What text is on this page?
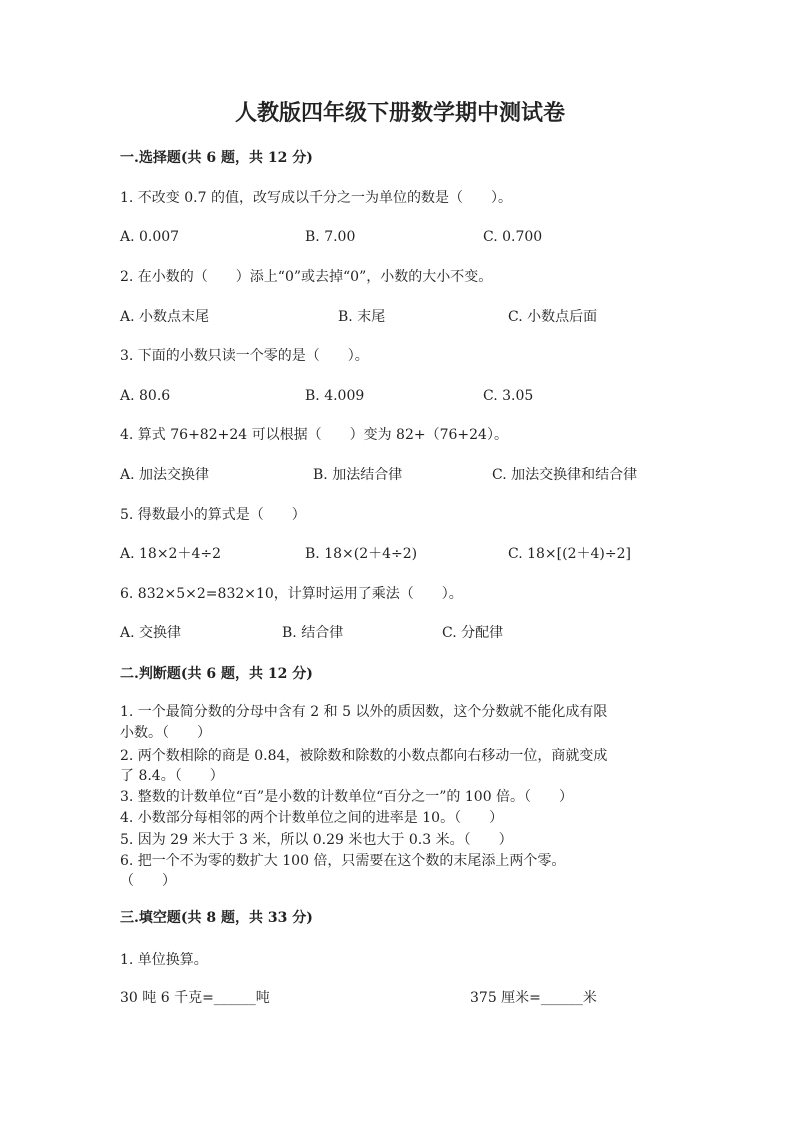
人教版四年级下册数学期中测试卷
一.选择题(共 6 题，共 12 分)
1. 不改变 0.7 的值，改写成以千分之一为单位的数是（　　）。
A. 0.007	B. 7.00	C. 0.700
2. 在小数的（　　）添上“0”或去掉“0”，小数的大小不变。
A. 小数点末尾	B. 末尾	C. 小数点后面
3. 下面的小数只读一个零的是（　　）。
A. 80.6	B. 4.009	C. 3.05
4. 算式 76+82+24 可以根据（　　）变为 82+（76+24）。
A. 加法交换律	B. 加法结合律	C. 加法交换律和结合律
5. 得数最小的算式是（　　）
A. 18×2＋4÷2	B. 18×(2＋4÷2)	C. 18×[(2＋4)÷2]
6. 832×5×2=832×10，计算时运用了乘法（　　）。
A. 交换律	B. 结合律	C. 分配律
二.判断题(共 6 题，共 12 分)
1. 一个最简分数的分母中含有 2 和 5 以外的质因数，这个分数就不能化成有限
小数。（　　）
2. 两个数相除的商是 0.84，被除数和除数的小数点都向右移动一位，商就变成
了 8.4。（　　）
3. 整数的计数单位“百”是小数的计数单位“百分之一”的 100 倍。（　　）
4. 小数部分每相邻的两个计数单位之间的进率是 10。（　　）
5. 因为 29 米大于 3 米，所以 0.29 米也大于 0.3 米。（　　）
6. 把一个不为零的数扩大 100 倍，只需要在这个数的末尾添上两个零。
（　　）
三.填空题(共 8 题，共 33 分)
1. 单位换算。
30 吨 6 千克=______吨	375 厘米=______米
